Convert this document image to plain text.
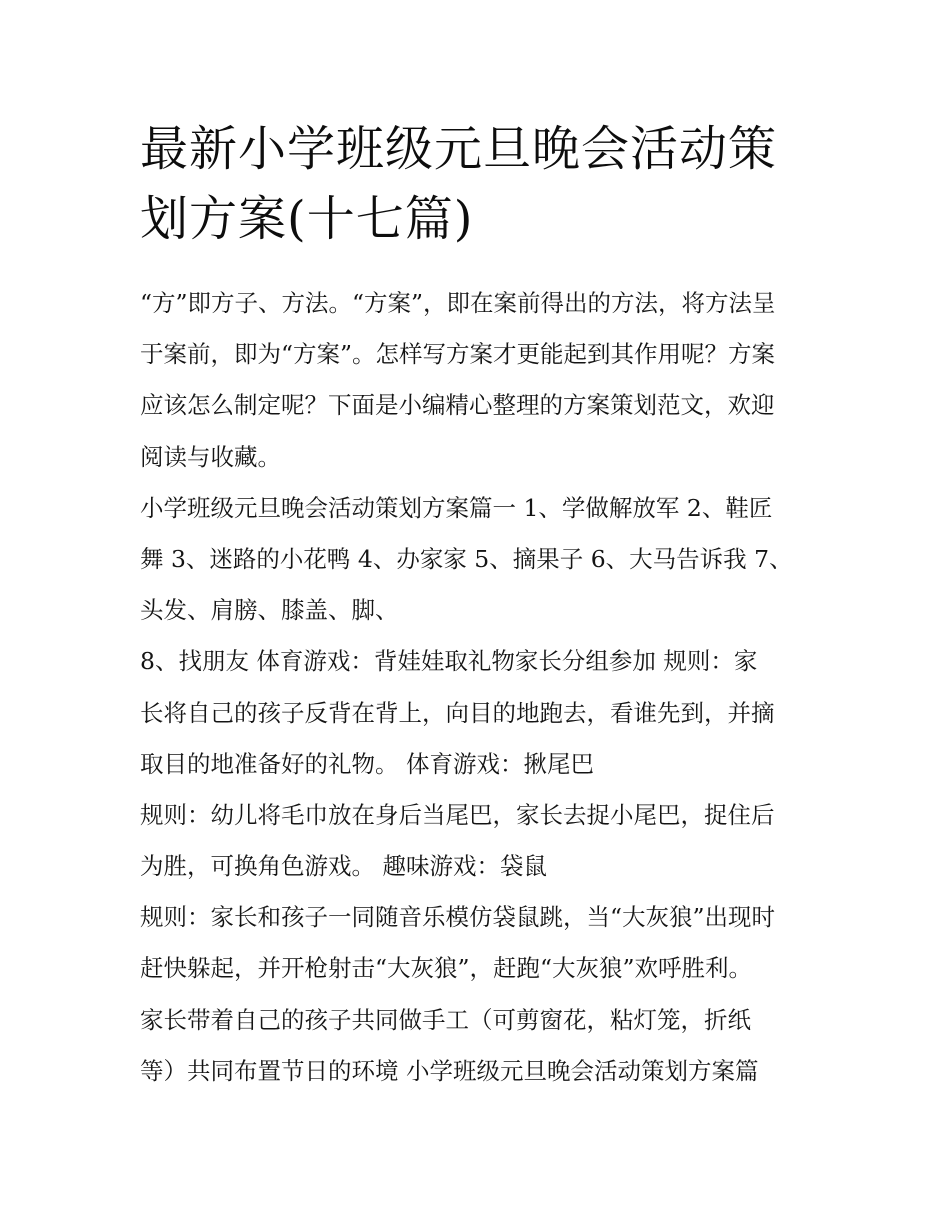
最新小学班级元旦晚会活动策
划方案(十七篇)
“方”即方子、方法。“方案”，即在案前得出的方法，将方法呈
于案前，即为“方案”。怎样写方案才更能起到其作用呢？方案
应该怎么制定呢？下面是小编精心整理的方案策划范文，欢迎
阅读与收藏。
小学班级元旦晚会活动策划方案篇一 1、学做解放军 2、鞋匠
舞 3、迷路的小花鸭 4、办家家 5、摘果子 6、大马告诉我 7、
头发、肩膀、膝盖、脚、
8、找朋友 体育游戏：背娃娃取礼物家长分组参加 规则：家
长将自己的孩子反背在背上，向目的地跑去，看谁先到，并摘
取目的地准备好的礼物。 体育游戏：揪尾巴
规则：幼儿将毛巾放在身后当尾巴，家长去捉小尾巴，捉住后
为胜，可换角色游戏。 趣味游戏：袋鼠
规则：家长和孩子一同随音乐模仿袋鼠跳，当“大灰狼”出现时
赶快躲起，并开枪射击“大灰狼”，赶跑“大灰狼”欢呼胜利。
家长带着自己的孩子共同做手工（可剪窗花，粘灯笼，折纸
等）共同布置节日的环境 小学班级元旦晚会活动策划方案篇
